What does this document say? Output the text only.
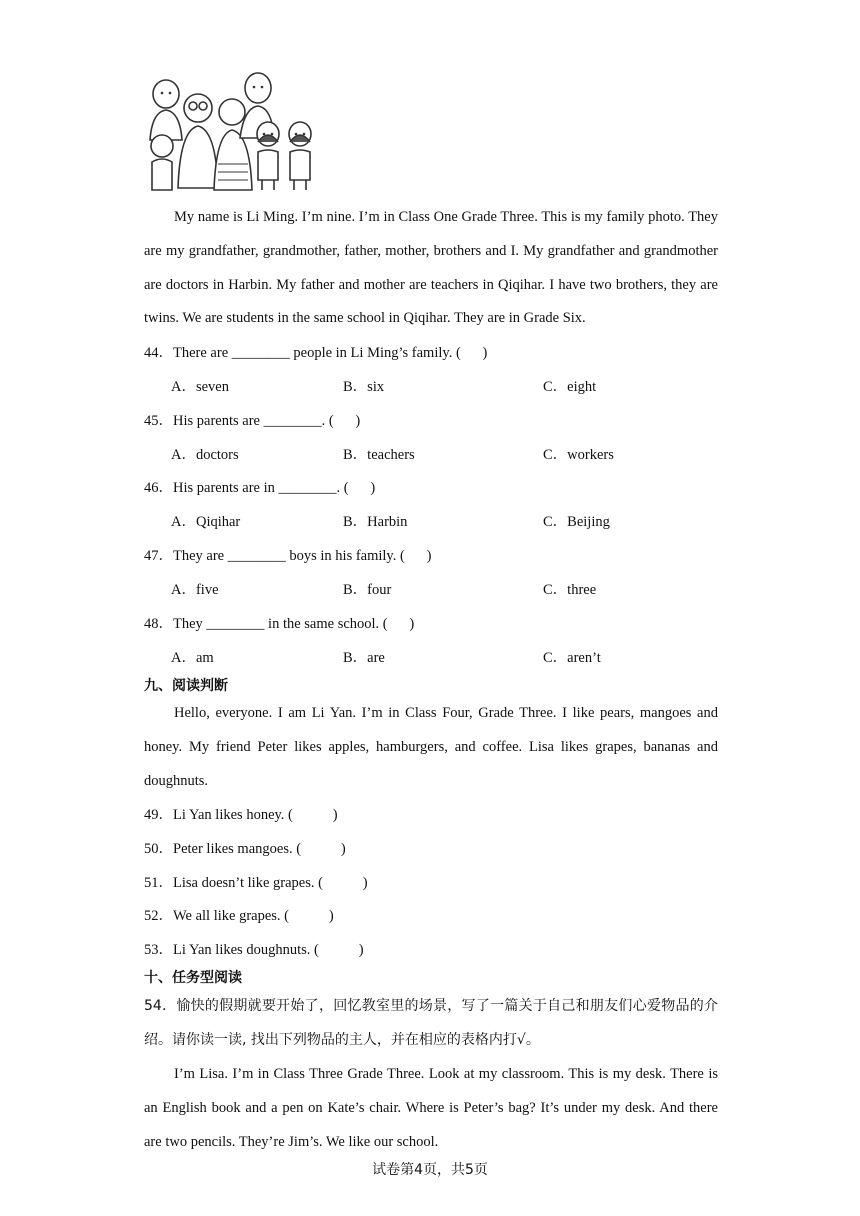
My name is Li Ming. I’m nine. I’m in Class One Grade Three. This is my family photo. They are my grandfather, grandmother, father, mother, brothers and I. My grandfather and grandmother are doctors in Harbin. My father and mother are teachers in Qiqihar. I have two brothers, they are twins. We are students in the same school in Qiqihar. They are in Grade Six.

44．There are ________ people in Li Ming’s family. (      )
A．seven	B．six	C．eight
45．His parents are ________. (      )
A．doctors	B．teachers	C．workers
46．His parents are in ________. (      )
A．Qiqihar	B．Harbin	C．Beijing
47．They are ________ boys in his family. (      )
A．five	B．four	C．three
48．They ________ in the same school. (      )
A．am	B．are	C．aren’t
九、阅读判断

Hello, everyone. I am Li Yan. I’m in Class Four, Grade Three. I like pears, mangoes and honey. My friend Peter likes apples, hamburgers, and coffee. Lisa likes grapes, bananas and doughnuts.

49．Li Yan likes honey. (           )
50．Peter likes mangoes. (           )
51．Lisa doesn’t like grapes. (           )
52．We all like grapes. (           )
53．Li Yan likes doughnuts. (           )
十、任务型阅读

54．愉快的假期就要开始了，回忆教室里的场景，写了一篇关于自己和朋友们心爱物品的介绍。请你读一读, 找出下列物品的主人，并在相应的表格内打√。

I’m Lisa. I’m in Class Three Grade Three. Look at my classroom. This is my desk. There is an English book and a pen on Kate’s chair. Where is Peter’s bag? It’s under my desk. And there are two pencils. They’re Jim’s. We like our school.

试卷第4页，共5页
